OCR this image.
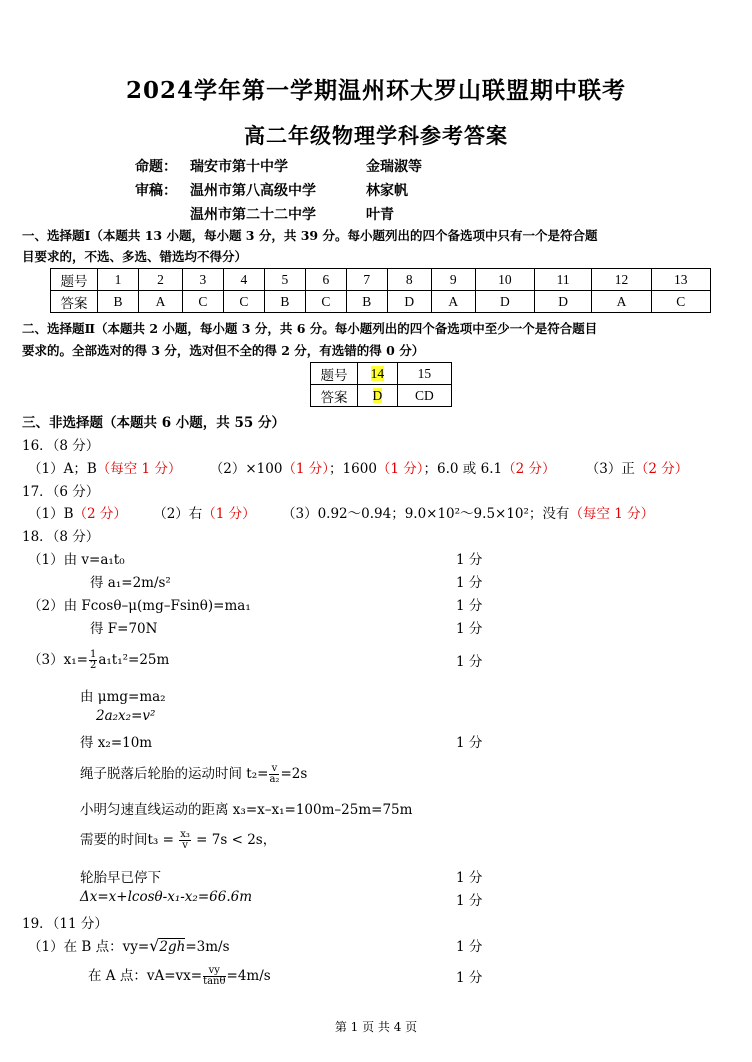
2024学年第一学期温州环大罗山联盟期中联考
高二年级物理学科参考答案
命题： 瑞安市第十中学	金瑞淑等
审稿： 温州市第八高级中学	林家帆
温州市第二十二中学	叶青
一、选择题Ⅰ（本题共 13 小题，每小题 3 分，共 39 分。每小题列出的四个备选项中只有一个是符合题
目要求的，不选、多选、错选均不得分）
题号	1	2	3	4	5	6	7	8	9	10	11	12	13
答案	B	A	C	C	B	C	B	D	A	D	D	A	C
二、选择题Ⅱ（本题共 2 小题，每小题 3 分，共 6 分。每小题列出的四个备选项中至少一个是符合题目
要求的。全部选对的得 3 分，选对但不全的得 2 分，有选错的得 0 分）
题号	14	15
答案	D	CD
三、非选择题（本题共 6 小题，共 55 分）
16．（8 分）
（1）A；B（每空 1 分） （2）×100（1 分）；1600（1 分）；6.0 或 6.1（2 分） （3）正（2 分）
17．（6 分）
（1）B（2 分） （2）右（1 分） （3）0.92～0.94；9.0×10²～9.5×10²；没有（每空 1 分）
18．（8 分）
（1）由 v=a₁t₀	1 分
得 a₁=2m/s²	1 分
（2）由 Fcosθ–μ(mg–Fsinθ)=ma₁	1 分
得 F=70N	1 分
$(3)x_1= \frac{1}{2} a_1t_1^2=25m$	1 分
由 μmg=ma₂
2a₂x₂=v²
得 x₂=10m	1 分
绳子脱落后轮胎的运动时间 $t_2= \frac{v}{\text{a₂}} =2s$
小明匀速直线运动的距离 x₃=x–x₁=100m–25m=75m
需要的时间$t_3 = \frac{\text{x₃}}{v} = 7s < 2s$，
轮胎早已停下	1 分
Δx=x+lcosθ-x₁-x₂=66.6m	1 分
19．（11 分）
（1）在 B 点：vy=√2gh=3m/s	1 分
在 A 点：$vA=vx= \frac{vy}{\tan\theta} =4m/s$	1 分
第 1 页 共 4 页
